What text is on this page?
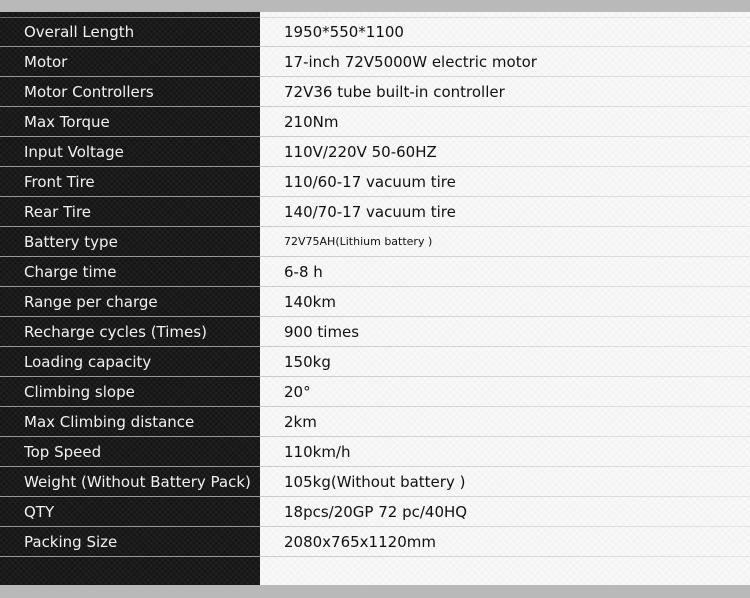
Overall Length	1950*550*1100
Motor	17-inch 72V5000W electric motor
Motor Controllers	72V36 tube built-in controller
Max Torque	210Nm
Input Voltage	110V/220V 50-60HZ
Front Tire	110/60-17 vacuum tire
Rear Tire	140/70-17 vacuum tire
Battery type	72V75AH(Lithium battery )
Charge time	6-8 h
Range per charge	140km
Recharge cycles (Times)	900 times
Loading capacity	150kg
Climbing slope	20°
Max Climbing distance	2km
Top Speed	110km/h
Weight (Without Battery Pack)	105kg(Without battery )
QTY	18pcs/20GP 72 pc/40HQ
Packing Size	2080x765x1120mm
